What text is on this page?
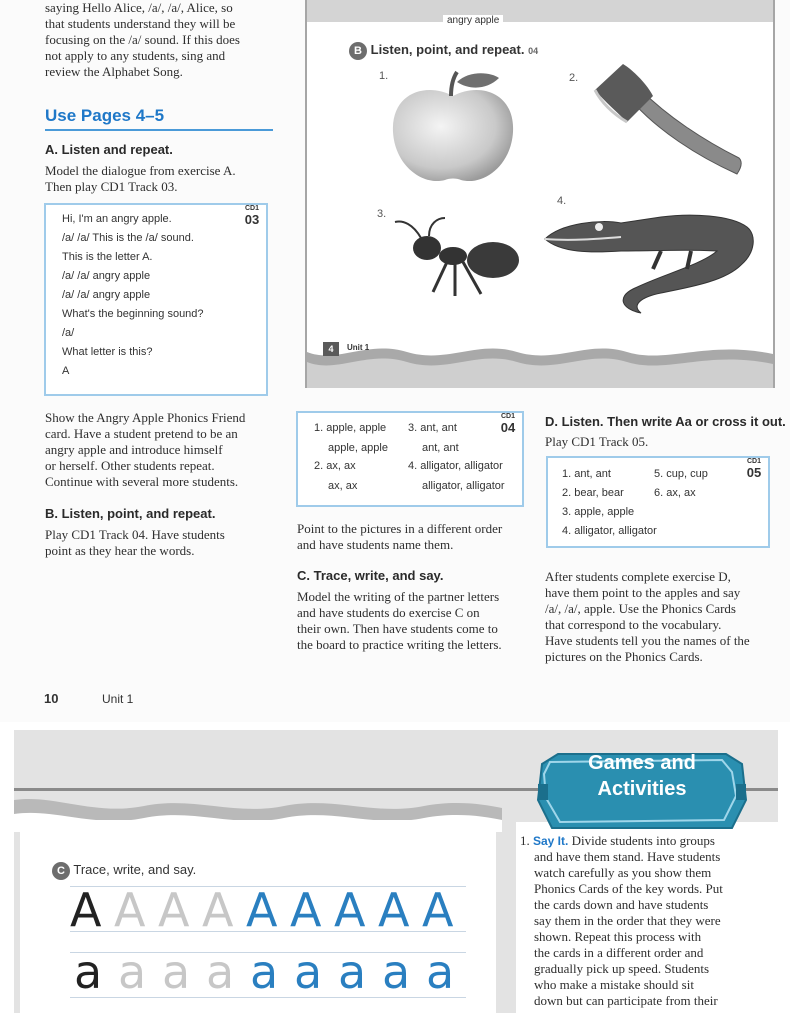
saying Hello Alice, /a/, /a/, Alice, so
that students understand they will be
focusing on the /a/ sound. If this does
not apply to any students, sing and
review the Alphabet Song.
Use Pages 4–5
A. Listen and repeat.
Model the dialogue from exercise A.
Then play CD1 Track 03.
CD1
03
Hi, I'm an angry apple.
/a/ /a/ This is the /a/ sound.
This is the letter A.
/a/ /a/ angry apple
/a/ /a/ angry apple
What's the beginning sound?
/a/
What letter is this?
A
Show the Angry Apple Phonics Friend
card. Have a student pretend to be an
angry apple and introduce himself
or herself. Other students repeat.
Continue with several more students.
B. Listen, point, and repeat.
Play CD1 Track 04. Have students
point as they hear the words.
angry apple
B Listen, point, and repeat. 04
1.	2.
3.
4.
4	Unit 1
CD1
04
1. apple, apple
apple, apple
2. ax, ax
ax, ax
3. ant, ant
ant, ant
4. alligator, alligator
alligator, alligator
Point to the pictures in a different order
and have students name them.
C. Trace, write, and say.
Model the writing of the partner letters
and have students do exercise C on
their own. Then have students come to
the board to practice writing the letters.
D. Listen. Then write Aa or cross it out.
Play CD1 Track 05.
CD1
05
1. ant, ant
2. bear, bear
3. apple, apple
4. alligator, alligator
5. cup, cup
6. ax, ax
After students complete exercise D,
have them point to the apples and say
/a/, /a/, apple. Use the Phonics Cards
that correspond to the vocabulary.
Have students tell you the names of the
pictures on the Phonics Cards.
10	Unit 1
C Trace, write, and say.
A A A A A A A A A
a a a a a a a a a
1. Say It. Divide students into groups
and have them stand. Have students
watch carefully as you show them
Phonics Cards of the key words. Put
the cards down and have students
say them in the order that they were
shown. Repeat this process with
the cards in a different order and
gradually pick up speed. Students
who make a mistake should sit
down but can participate from their
Games and
Activities
